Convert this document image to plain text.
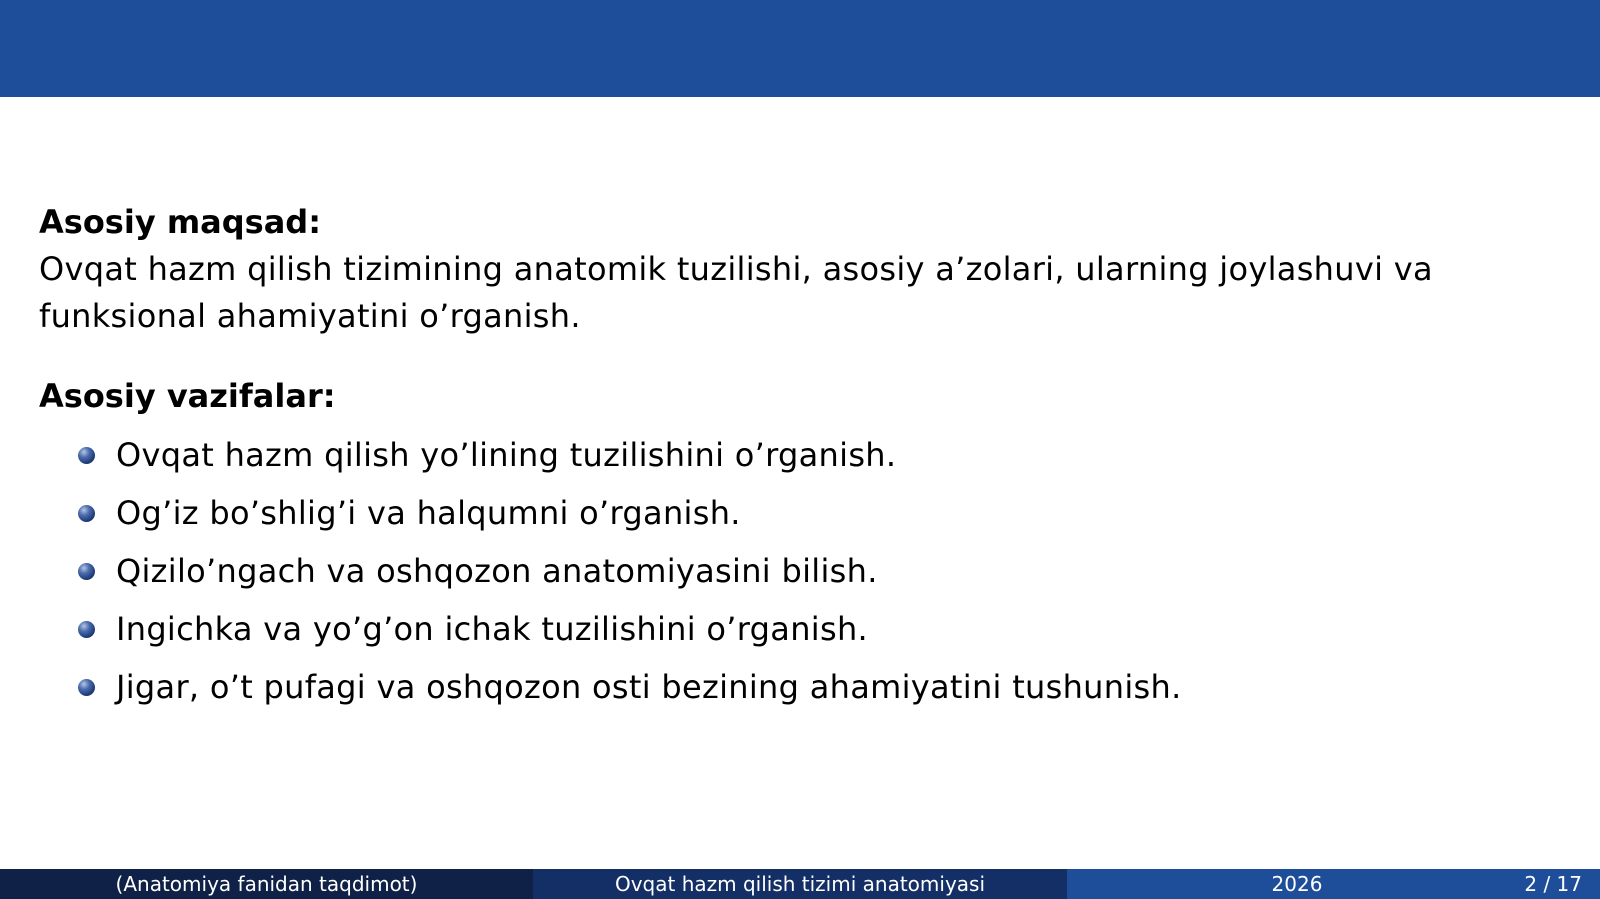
Asosiy maqsad:

Ovqat hazm qilish tizimining anatomik tuzilishi, asosiy a’zolari, ularning joylashuvi va funksional ahamiyatini o’rganish.

Asosiy vazifalar:

Ovqat hazm qilish yo’lining tuzilishini o’rganish.
Og’iz bo’shlig’i va halqumni o’rganish.
Qizilo’ngach va oshqozon anatomiyasini bilish.
Ingichka va yo’g’on ichak tuzilishini o’rganish.
Jigar, o’t pufagi va oshqozon osti bezining ahamiyatini tushunish.
(Anatomiya fanidan taqdimot)	Ovqat hazm qilish tizimi anatomiyasi	2026	2 / 17
